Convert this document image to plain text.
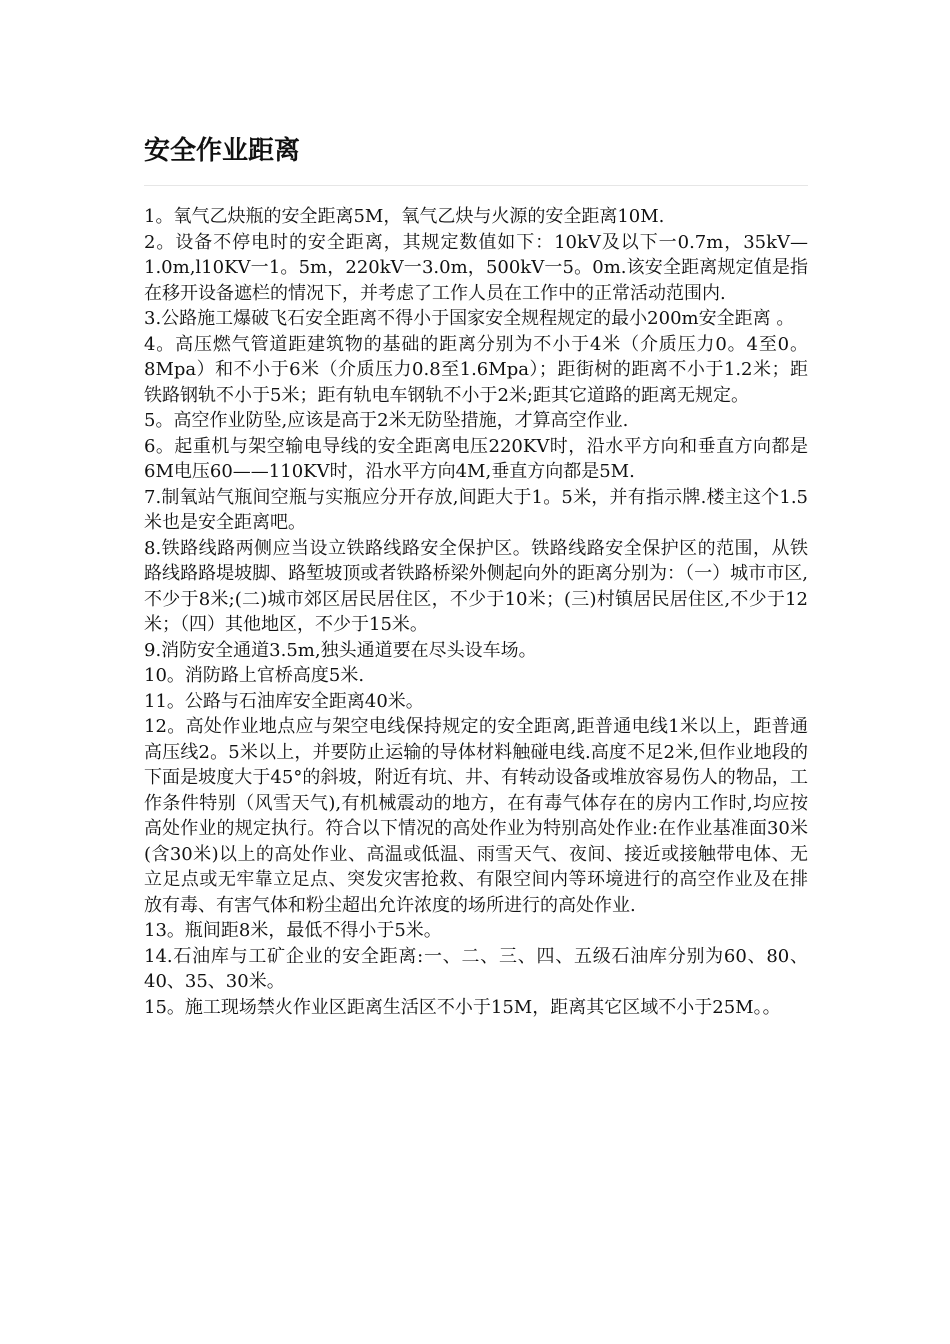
安全作业距离

1。氧气乙炔瓶的安全距离5M，氧气乙炔与火源的安全距离10M.

2。设备不停电时的安全距离，其规定数值如下：10kV及以下一0.7m，35kV—1.0m,l10KV一1。5m，220kV一3.0m，500kV一5。0m.该安全距离规定值是指在移开设备遮栏的情况下，并考虑了工作人员在工作中的正常活动范围内.

3.公路施工爆破飞石安全距离不得小于国家安全规程规定的最小200m安全距离 。

4。高压燃气管道距建筑物的基础的距离分别为不小于4米（介质压力0。4至0。8Mpa）和不小于6米（介质压力0.8至1.6Mpa）；距街树的距离不小于1.2米；距铁路钢轨不小于5米；距有轨电车钢轨不小于2米;距其它道路的距离无规定。

5。高空作业防坠,应该是高于2米无防坠措施，才算高空作业.

6。起重机与架空输电导线的安全距离电压220KV时，沿水平方向和垂直方向都是6M电压60——110KV时，沿水平方向4M,垂直方向都是5M.

7.制氧站气瓶间空瓶与实瓶应分开存放,间距大于1。5米，并有指示牌.楼主这个1.5米也是安全距离吧。

8.铁路线路两侧应当设立铁路线路安全保护区。铁路线路安全保护区的范围，从铁路线路路堤坡脚、路堑坡顶或者铁路桥梁外侧起向外的距离分别为：（一）城市市区,不少于8米;(二)城市郊区居民居住区，不少于10米；(三)村镇居民居住区,不少于12米；（四）其他地区，不少于15米。

9.消防安全通道3.5m,独头通道要在尽头设车场。

10。消防路上官桥高度5米.

11。公路与石油库安全距离40米。

12。高处作业地点应与架空电线保持规定的安全距离,距普通电线1米以上，距普通高压线2。5米以上，并要防止运输的导体材料触碰电线.高度不足2米,但作业地段的下面是坡度大于45°的斜坡，附近有坑、井、有转动设备或堆放容易伤人的物品，工作条件特别（风雪天气),有机械震动的地方，在有毒气体存在的房内工作时,均应按高处作业的规定执行。符合以下情况的高处作业为特别高处作业:在作业基准面30米(含30米)以上的高处作业、高温或低温、雨雪天气、夜间、接近或接触带电体、无立足点或无牢靠立足点、突发灾害抢救、有限空间内等环境进行的高空作业及在排放有毒、有害气体和粉尘超出允许浓度的场所进行的高处作业.

13。瓶间距8米，最低不得小于5米。

14.石油库与工矿企业的安全距离:一、二、三、四、五级石油库分别为60、80、40、35、30米。

15。施工现场禁火作业区距离生活区不小于15M，距离其它区域不小于25M。。
